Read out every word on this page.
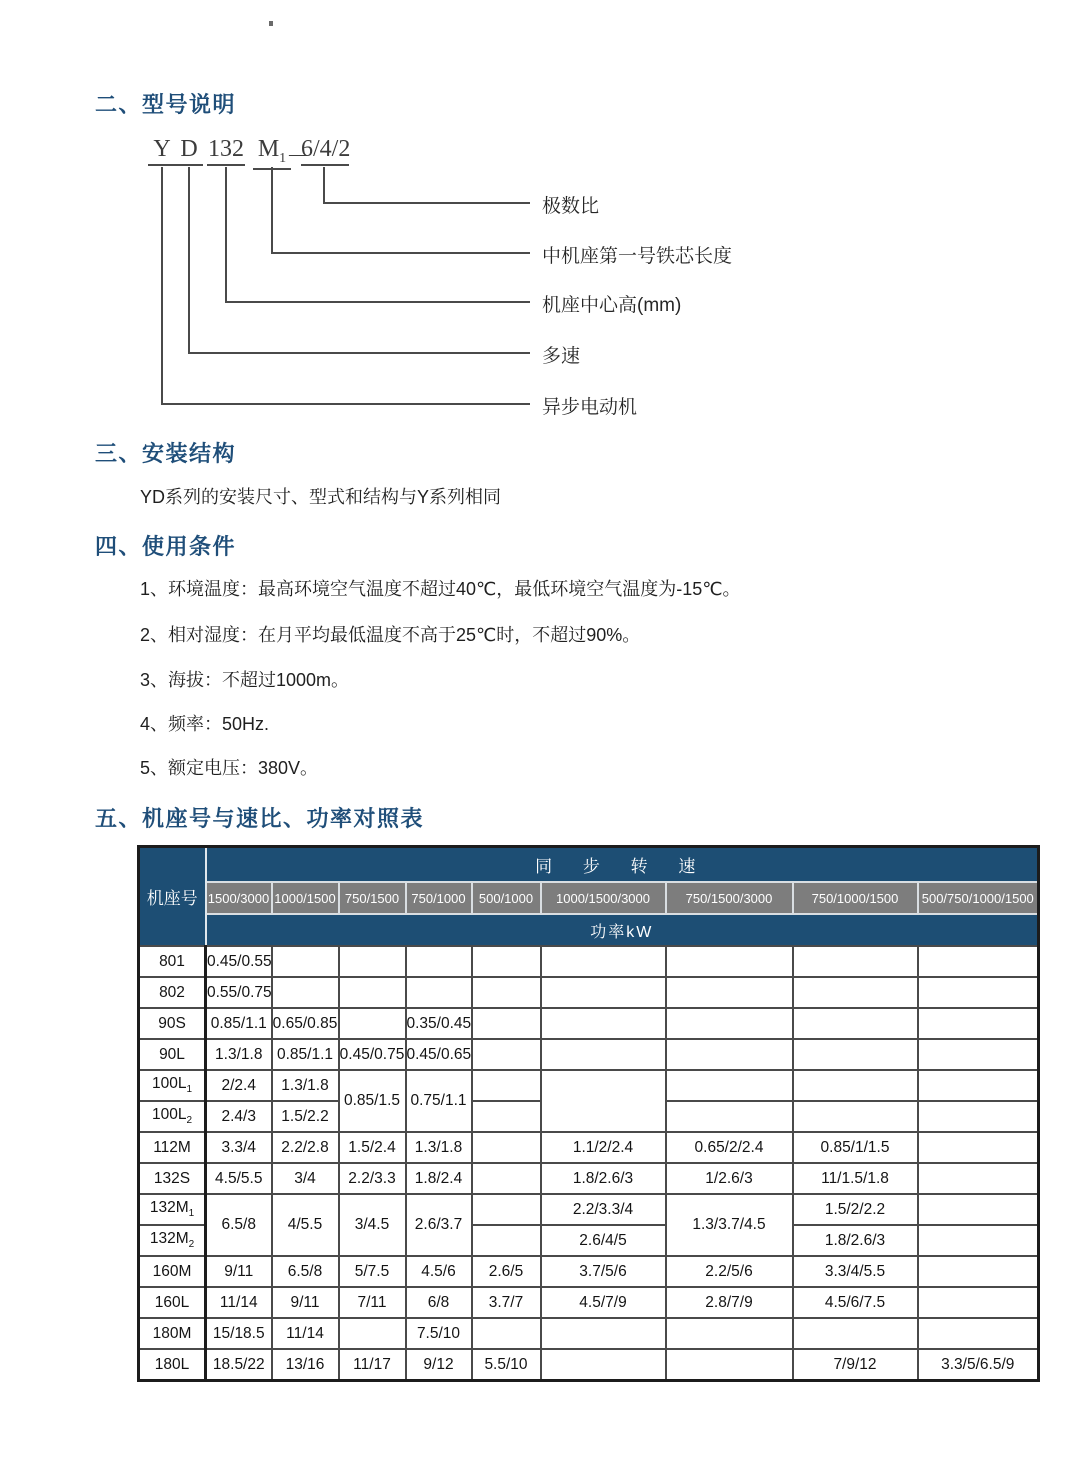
二、型号说明
Y D 132 $M_1$ －
6/4/2
极数比
中机座第一号铁芯长度
机座中心高(mm)
多速
异步电动机
三、安装结构
YD系列的安装尺寸、型式和结构与Y系列相同
四、使用条件
1、环境温度：最高环境空气温度不超过40℃，最低环境空气温度为-15℃。
2、相对湿度：在月平均最低温度不高于25℃时，不超过90%。
3、海拔：不超过1000m。
4、频率：50Hz.
5、额定电压：380V。
五、机座号与速比、功率对照表
机座号	同 步 转 速								
	1500/3000	1000/1500	750/1500	750/1000	500/1000	1000/1500/3000	750/1500/3000	750/1000/1500	500/750/1000/1500
	功率kW								
801	0.45/0.55								
802	0.55/0.75								
90S	0.85/1.1	0.65/0.85		0.35/0.45					
90L	1.3/1.8	0.85/1.1	0.45/0.75	0.45/0.65					
$100L_1$	2/2.4	1.3/1.8	0.85/1.5	0.75/1.1					
$100L_2$	2.4/3	1.5/2.2							
112M	3.3/4	2.2/2.8	1.5/2.4	1.3/1.8		1.1/2/2.4	0.65/2/2.4	0.85/1/1.5	
132S	4.5/5.5	3/4	2.2/3.3	1.8/2.4		1.8/2.6/3	1/2.6/3	11/1.5/1.8	
$132M_1$	6.5/8	4/5.5	3/4.5	2.6/3.7		2.2/3.3/4	1.3/3.7/4.5	1.5/2/2.2	
$132M_2$						2.6/4/5		1.8/2.6/3	
160M	9/11	6.5/8	5/7.5	4.5/6	2.6/5	3.7/5/6	2.2/5/6	3.3/4/5.5	
160L	11/14	9/11	7/11	6/8	3.7/7	4.5/7/9	2.8/7/9	4.5/6/7.5	
180M	15/18.5	11/14		7.5/10					
180L	18.5/22	13/16	11/17	9/12	5.5/10			7/9/12	3.3/5/6.5/9
